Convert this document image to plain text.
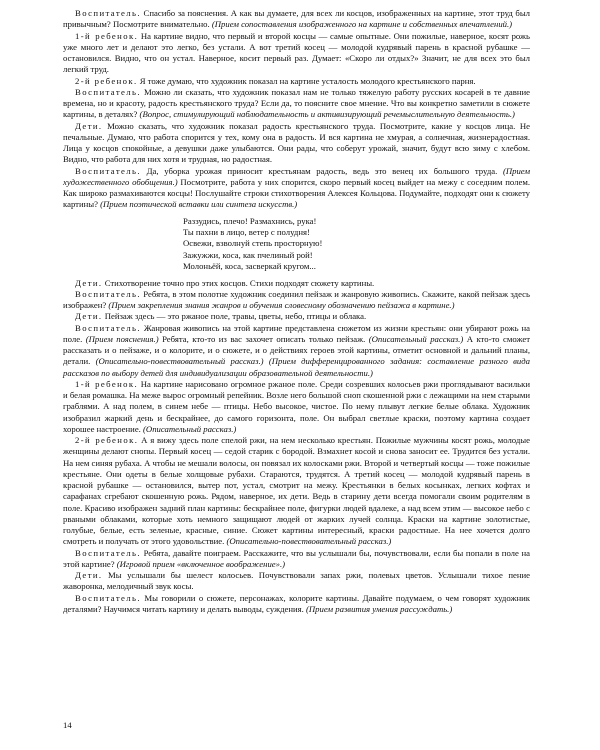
Воспитатель. Спасибо за пояснения. А как вы думаете, для всех ли косцов, изображенных на картине, этот труд был привычным? Посмотрите внимательно. (Прием сопоставления изображенного на картине и собственных впечатлений.)

1-й ребенок. На картине видно, что первый и второй косцы — самые опытные. Они пожилые, наверное, косят рожь уже много лет и делают это легко, без устали. А вот третий косец — молодой кудрявый парень в красной рубашке — остановился. Видно, что он устал. Наверное, косит первый раз. Думает: «Скоро ли отдых?» Значит, не для всех это был легкий труд.

2-й ребенок. Я тоже думаю, что художник показал на картине усталость молодого крестьянского парня.

Воспитатель. Можно ли сказать, что художник показал нам не только тяжелую работу русских косарей в те давние времена, но и красоту, радость крестьянского труда? Если да, то поясните свое мнение. Что вы конкретно заметили в сюжете картины, в деталях? (Вопрос, стимулирующий наблюдательность и активизирующий речемыслительную деятельность.)

Дети. Можно сказать, что художник показал радость крестьянского труда. Посмотрите, какие у косцов лица. Не печальные. Думаю, что работа спорится у тех, кому она в радость. И вся картина не хмурая, а солнечная, жизнерадостная. Лица у косцов спокойные, а девушки даже улыбаются. Они рады, что соберут урожай, значит, будут всю зиму с хлебом. Видно, что работа для них хотя и трудная, но радостная.

Воспитатель. Да, уборка урожая приносит крестьянам радость, ведь это венец их большого труда. (Прием художественного обобщения.) Посмотрите, работа у них спорится, скоро первый косец выйдет на межу с соседним полем. Как широко размахиваются косцы! Послушайте строки стихотворения Алексея Кольцова. Подумайте, подходят они к сюжету картины? (Прием поэтической вставки или синтеза искусств.)

Раззудись, плечо! Размахнись, рука!
Ты пахни в лицо, ветер с полудня!
Освежи, взволнуй степь просторную!
Зажужжи, коса, как пчелиный рой!
Молоньёй, коса, засверкай кругом...

Дети. Стихотворение точно про этих косцов. Стихи подходят сюжету картины.

Воспитатель. Ребята, в этом полотне художник соединил пейзаж и жанровую живопись. Скажите, какой пейзаж здесь изображен? (Прием закрепления знания жанров и обучения словесному обозначению пейзажа в картине.)

Дети. Пейзаж здесь — это ржаное поле, травы, цветы, небо, птицы и облака.

Воспитатель. Жанровая живопись на этой картине представлена сюжетом из жизни крестьян: они убирают рожь на поле. (Прием пояснения.) Ребята, кто-то из вас захочет описать только пейзаж. (Описательный рассказ.) А кто-то сможет рассказать и о пейзаже, и о колорите, и о сюжете, и о действиях героев этой картины, отметит основной и дальний планы, детали. (Описательно-повествовательный рассказ.) (Прием дифференцированного задания: составление разного вида рассказов по выбору детей для индивидуализации образовательной деятельности.)

1-й ребенок. На картине нарисовано огромное ржаное поле. Среди созревших колосьев ржи проглядывают васильки и белая ромашка. На меже вырос огромный репейник. Возле него большой сноп скошенной ржи с лежащими на нем старыми граблями. А над полем, в синем небе — птицы. Небо высокое, чистое. По нему плывут легкие белые облака. Художник изобразил жаркий день и бескрайнее, до самого горизонта, поле. Он выбрал светлые краски, поэтому картина создает хорошее настроение. (Описательный рассказ.)

2-й ребенок. А я вижу здесь поле спелой ржи, на нем несколько крестьян. Пожилые мужчины косят рожь, молодые женщины делают снопы. Первый косец — седой старик с бородой. Взмахнет косой и снова заносит ее. Трудится без устали. На нем синяя рубаха. А чтобы не мешали волосы, он повязал их колосками ржи. Второй и четвертый косцы — тоже пожилые крестьяне. Они одеты в белые холщовые рубахи. Стараются, трудятся. А третий косец — молодой кудрявый парень в красной рубашке — остановился, вытер пот, устал, смотрит на межу. Крестьянки в белых косынках, легких кофтах и сарафанах сгребают скошенную рожь. Рядом, наверное, их дети. Ведь в старину дети всегда помогали своим родителям в поле. Красиво изображен задний план картины: бескрайнее поле, фигурки людей вдалеке, а над всем этим — высокое небо с рваными облаками, которые хоть немного защищают людей от жарких лучей солнца. Краски на картине золотистые, голубые, белые, есть зеленые, красные, синие. Сюжет картины интересный, краски радостные. На нее хочется долго смотреть и получать от этого удовольствие. (Описательно-повествовательный рассказ.)

Воспитатель. Ребята, давайте поиграем. Расскажите, что вы услышали бы, почувствовали, если бы попали в поле на этой картине? (Игровой прием «включенное воображение».)

Дети. Мы услышали бы шелест колосьев. Почувствовали запах ржи, полевых цветов. Услышали тихое пение жаворонка, мелодичный звук косы.

Воспитатель. Мы говорили о сюжете, персонажах, колорите картины. Давайте подумаем, о чем говорят художник деталями? Научимся читать картину и делать выводы, суждения. (Прием развития умения рассуждать.)

14
